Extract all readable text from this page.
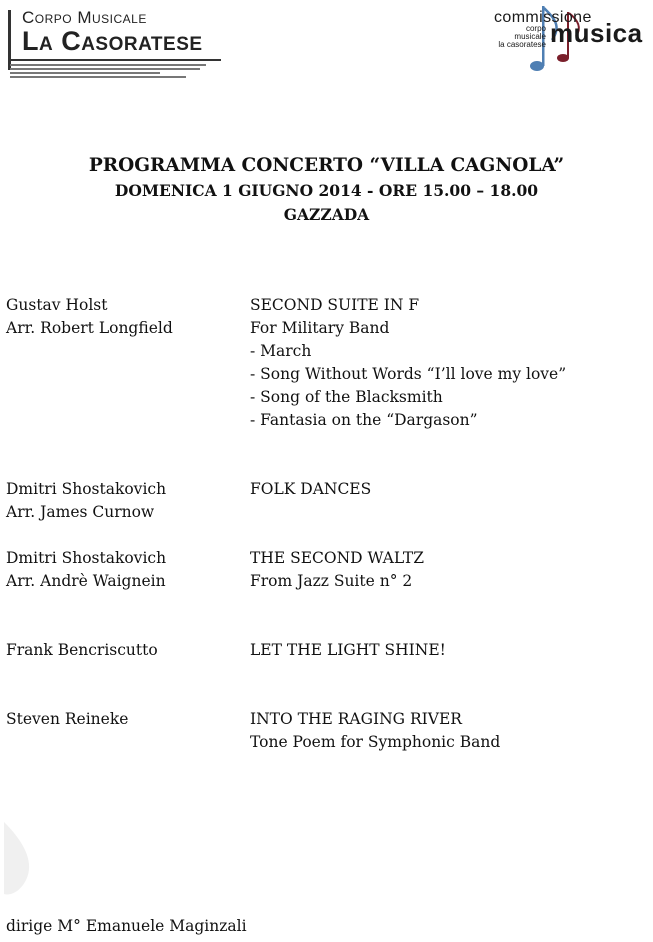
Corpo Musicale
La Casoratese
commissione
corpo
musicale
la casoratese musica
PROGRAMMA CONCERTO “VILLA CAGNOLA”
DOMENICA 1 GIUGNO 2014 - ORE 15.00 – 18.00
GAZZADA
Gustav Holst
Arr. Robert Longfield
SECOND SUITE IN F
For Military Band
- March
- Song Without Words “I’ll love my love”
- Song of the Blacksmith
- Fantasia on the “Dargason”
Dmitri Shostakovich
Arr. James Curnow
FOLK DANCES
Dmitri Shostakovich
Arr. Andrè Waignein
THE SECOND WALTZ
From Jazz Suite n° 2
Frank Bencriscutto	LET THE LIGHT SHINE!
Steven Reineke	INTO THE RAGING RIVER
Tone Poem for Symphonic Band
dirige M° Emanuele Maginzali
